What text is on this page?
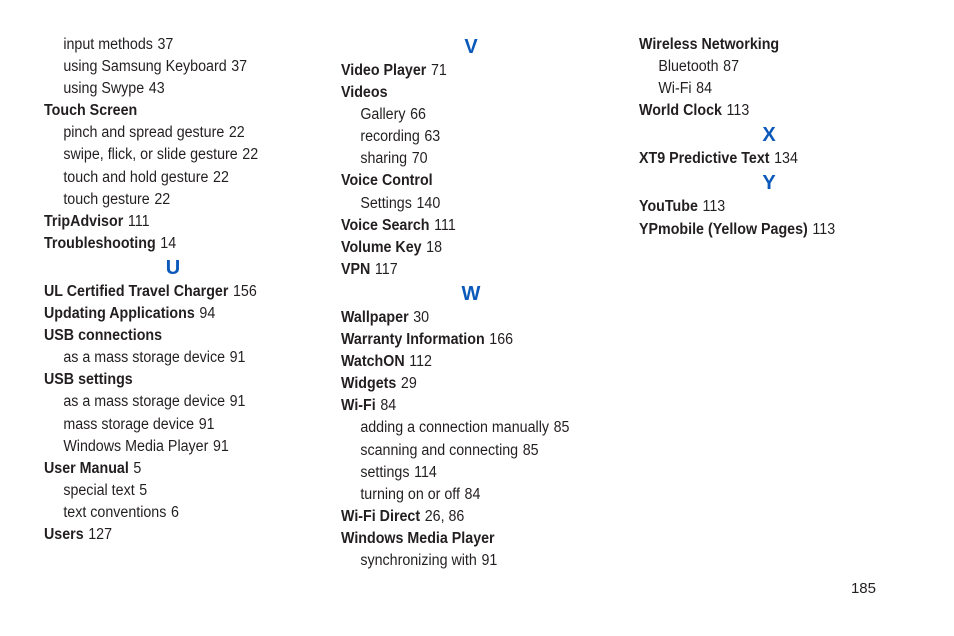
input methods 37
using Samsung Keyboard 37
using Swype 43
Touch Screen
pinch and spread gesture 22
swipe, flick, or slide gesture 22
touch and hold gesture 22
touch gesture 22
TripAdvisor 111
Troubleshooting 14
U
UL Certified Travel Charger 156
Updating Applications 94
USB connections
as a mass storage device 91
USB settings
as a mass storage device 91
mass storage device 91
Windows Media Player 91
User Manual 5
special text 5
text conventions 6
Users 127
V
Video Player 71
Videos
Gallery 66
recording 63
sharing 70
Voice Control
Settings 140
Voice Search 111
Volume Key 18
VPN 117
W
Wallpaper 30
Warranty Information 166
WatchON 112
Widgets 29
Wi-Fi 84
adding a connection manually 85
scanning and connecting 85
settings 114
turning on or off 84
Wi-Fi Direct 26, 86
Windows Media Player
synchronizing with 91
Wireless Networking
Bluetooth 87
Wi-Fi 84
World Clock 113
X
XT9 Predictive Text 134
Y
YouTube 113
YPmobile (Yellow Pages) 113
185
